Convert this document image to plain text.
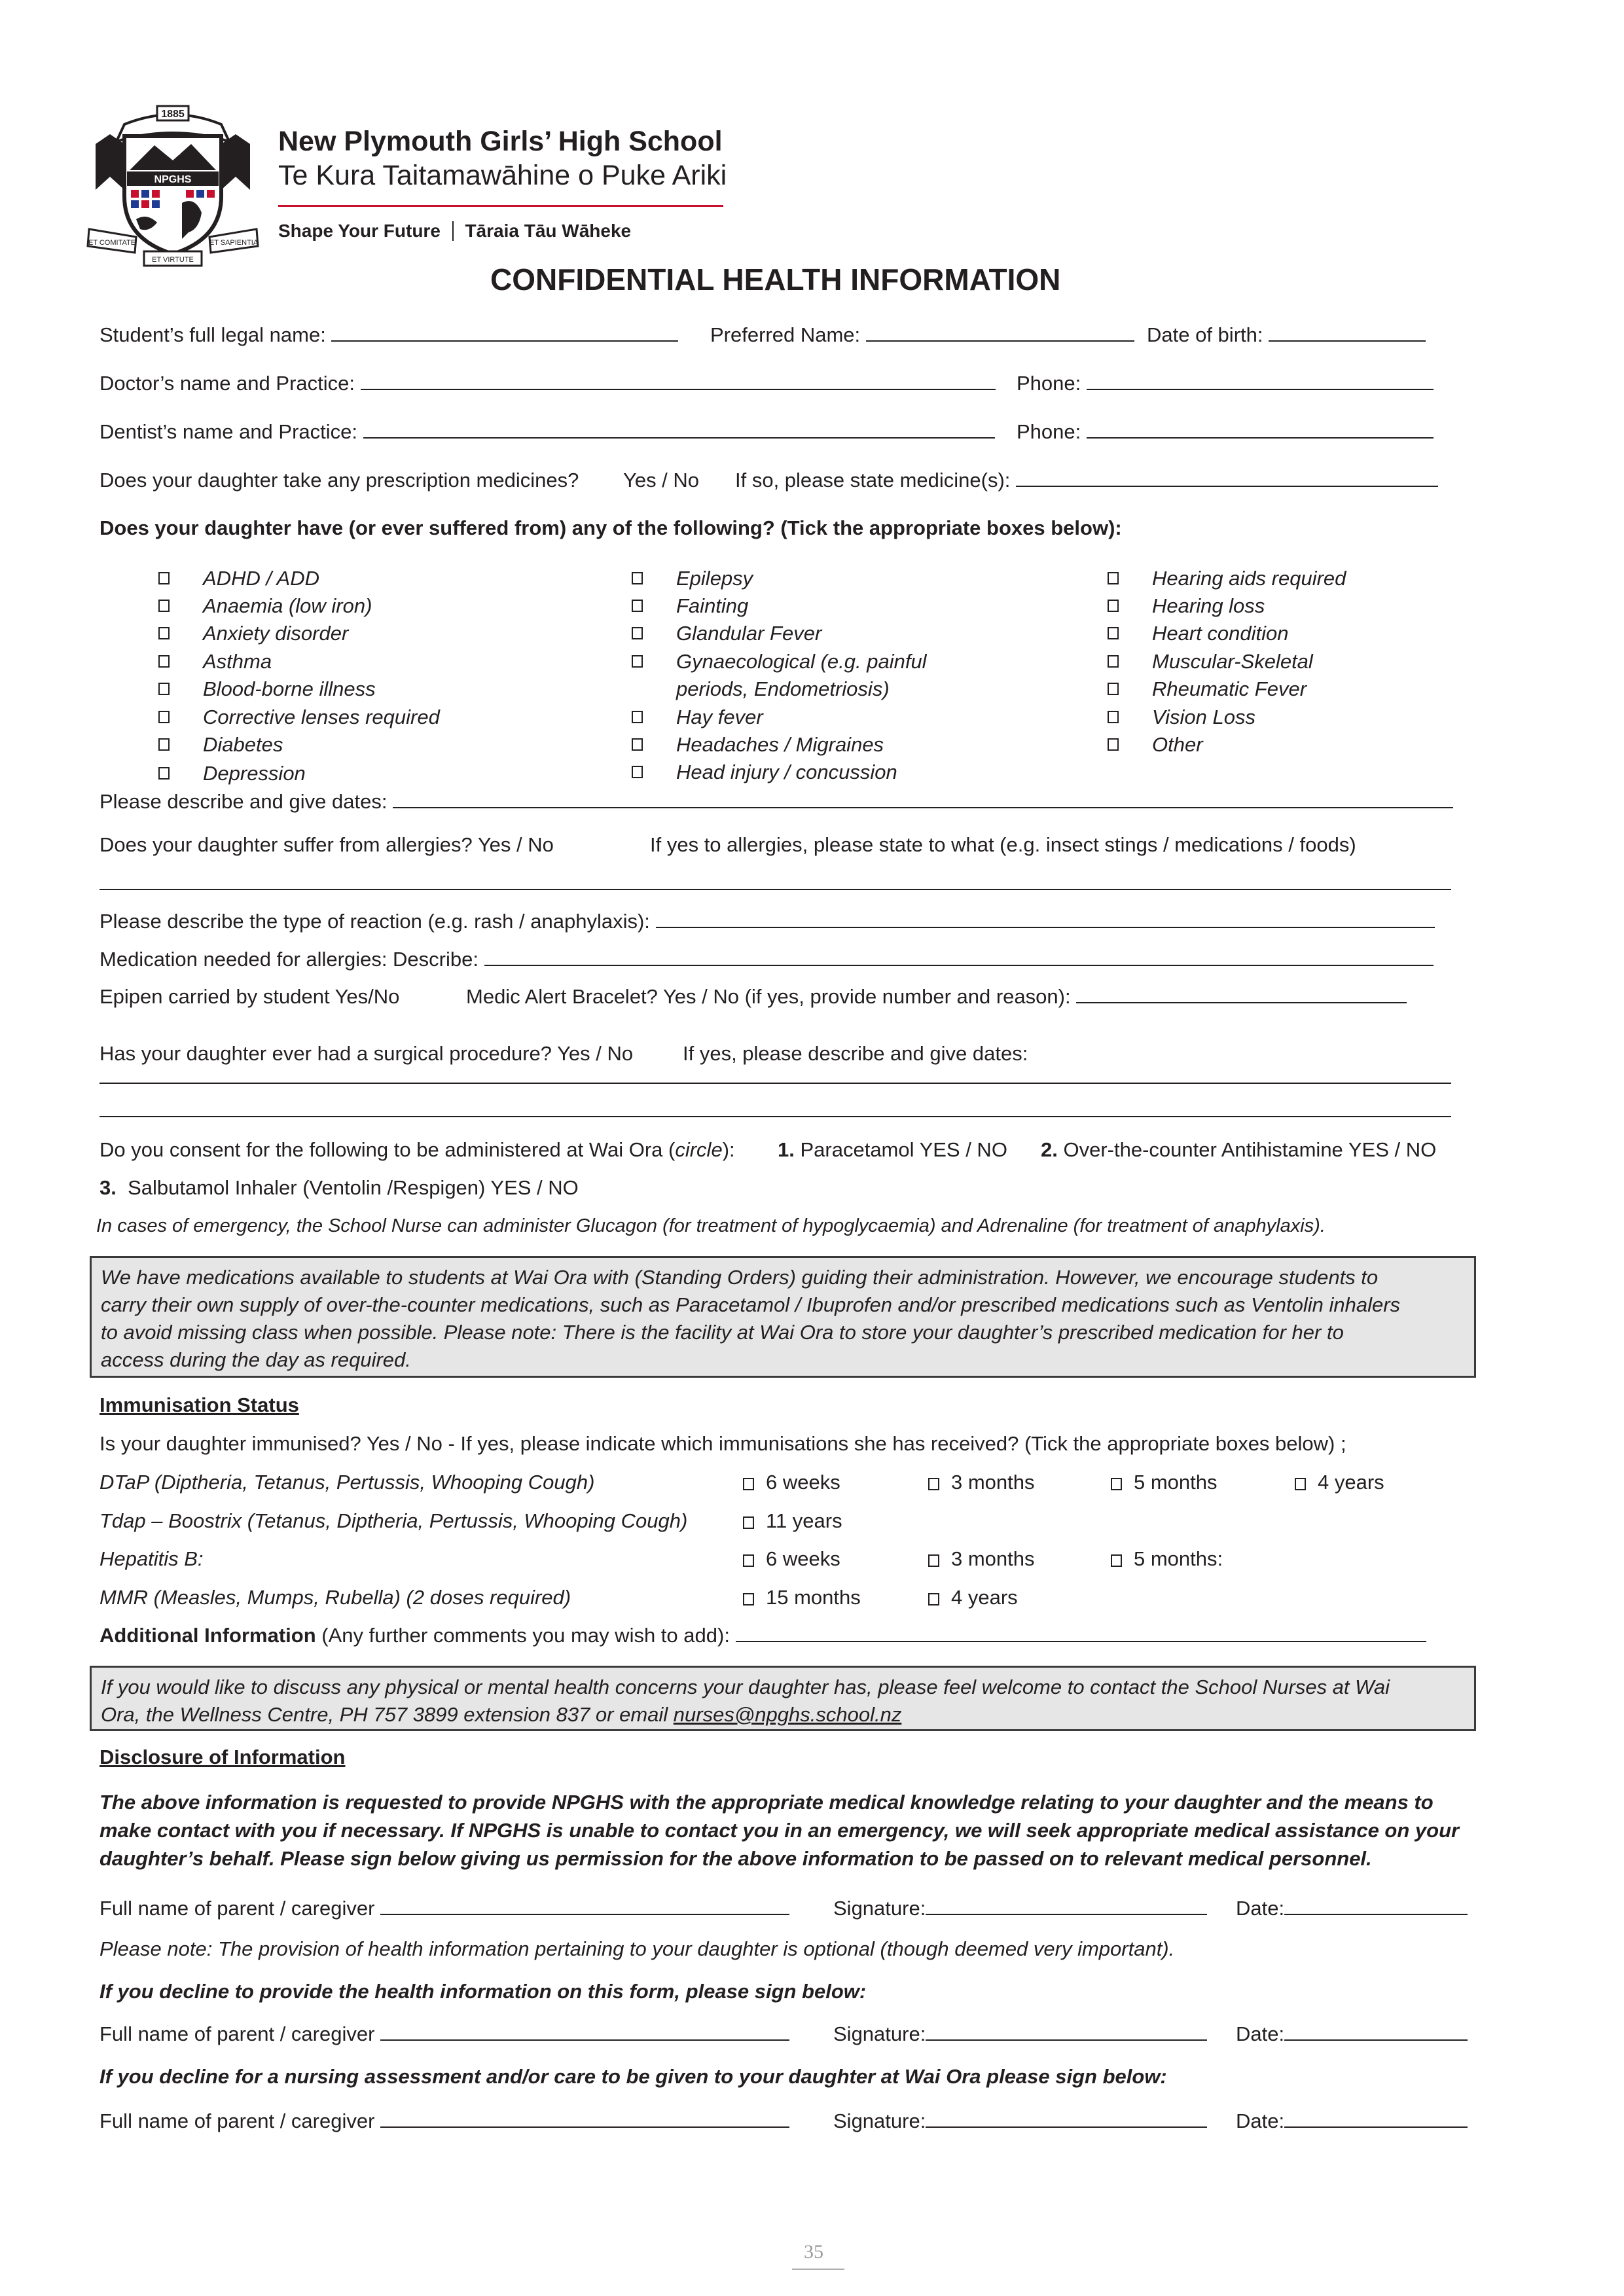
1885
NPGHS
ET COMITATE	ET SAPIENTIA
ET VIRTUTE
New Plymouth Girls’ High School
Te Kura Taitamawāhine o Puke Ariki
Shape Your Future Tāraia Tāu Wāheke
CONFIDENTIAL HEALTH INFORMATION
Student’s full legal name:	Preferred Name:	Date of birth:
Doctor’s name and Practice:	Phone:
Dentist’s name and Practice:	Phone:
Does your daughter take any prescription medicines? Yes / No If so, please state medicine(s):
Does your daughter have (or ever suffered from) any of the following? (Tick the appropriate boxes below):
ADHD / ADD
Anaemia (low iron)
Anxiety disorder
Asthma
Blood-borne illness
Corrective lenses required
Diabetes
Depression
Epilepsy
Fainting
Glandular Fever
Gynaecological (e.g. painful
periods, Endometriosis)
Hay fever
Headaches / Migraines
Head injury / concussion
Hearing aids required
Hearing loss
Heart condition
Muscular-Skeletal
Rheumatic Fever
Vision Loss
Other
Please describe and give dates:
Does your daughter suffer from allergies? Yes / No	If yes to allergies, please state to what (e.g. insect stings / medications / foods)
Please describe the type of reaction (e.g. rash / anaphylaxis):
Medication needed for allergies: Describe:
Epipen carried by student Yes/No	Medic Alert Bracelet? Yes / No (if yes, provide number and reason):
Has your daughter ever had a surgical procedure? Yes / No If yes, please describe and give dates:
Do you consent for the following to be administered at Wai Ora (circle): 1. Paracetamol YES / NO 2. Over-the-counter Antihistamine YES / NO
3. Salbutamol Inhaler (Ventolin /Respigen) YES / NO
In cases of emergency, the School Nurse can administer Glucagon (for treatment of hypoglycaemia) and Adrenaline (for treatment of anaphylaxis).

We have medications available to students at Wai Ora with (Standing Orders) guiding their administration. However, we encourage students to

carry their own supply of over-the-counter medications, such as Paracetamol / Ibuprofen and/or prescribed medications such as Ventolin inhalers

to avoid missing class when possible. Please note: There is the facility at Wai Ora to store your daughter’s prescribed medication for her to

access during the day as required.

Immunisation Status
Is your daughter immunised? Yes / No - If yes, please indicate which immunisations she has received? (Tick the appropriate boxes below) ;
DTaP (Diptheria, Tetanus, Pertussis, Whooping Cough)	6 weeks	3 months	5 months	4 years
Tdap – Boostrix (Tetanus, Diptheria, Pertussis, Whooping Cough)	11 years
Hepatitis B:	6 weeks	3 months	5 months:
MMR (Measles, Mumps, Rubella) (2 doses required)	15 months	4 years
Additional Information (Any further comments you may wish to add):

If you would like to discuss any physical or mental health concerns your daughter has, please feel welcome to contact the School Nurses at Wai

Ora, the Wellness Centre, PH 757 3899 extension 837 or email nurses@npghs.school.nz

Disclosure of Information
The above information is requested to provide NPGHS with the appropriate medical knowledge relating to your daughter and the means to
make contact with you if necessary. If NPGHS is unable to contact you in an emergency, we will seek appropriate medical assistance on your
daughter’s behalf. Please sign below giving us permission for the above information to be passed on to relevant medical personnel.
Full name of parent / caregiver	Signature:	Date:
Please note: The provision of health information pertaining to your daughter is optional (though deemed very important).
If you decline to provide the health information on this form, please sign below:
Full name of parent / caregiver	Signature:	Date:
If you decline for a nursing assessment and/or care to be given to your daughter at Wai Ora please sign below:
Full name of parent / caregiver	Signature:	Date:
35
